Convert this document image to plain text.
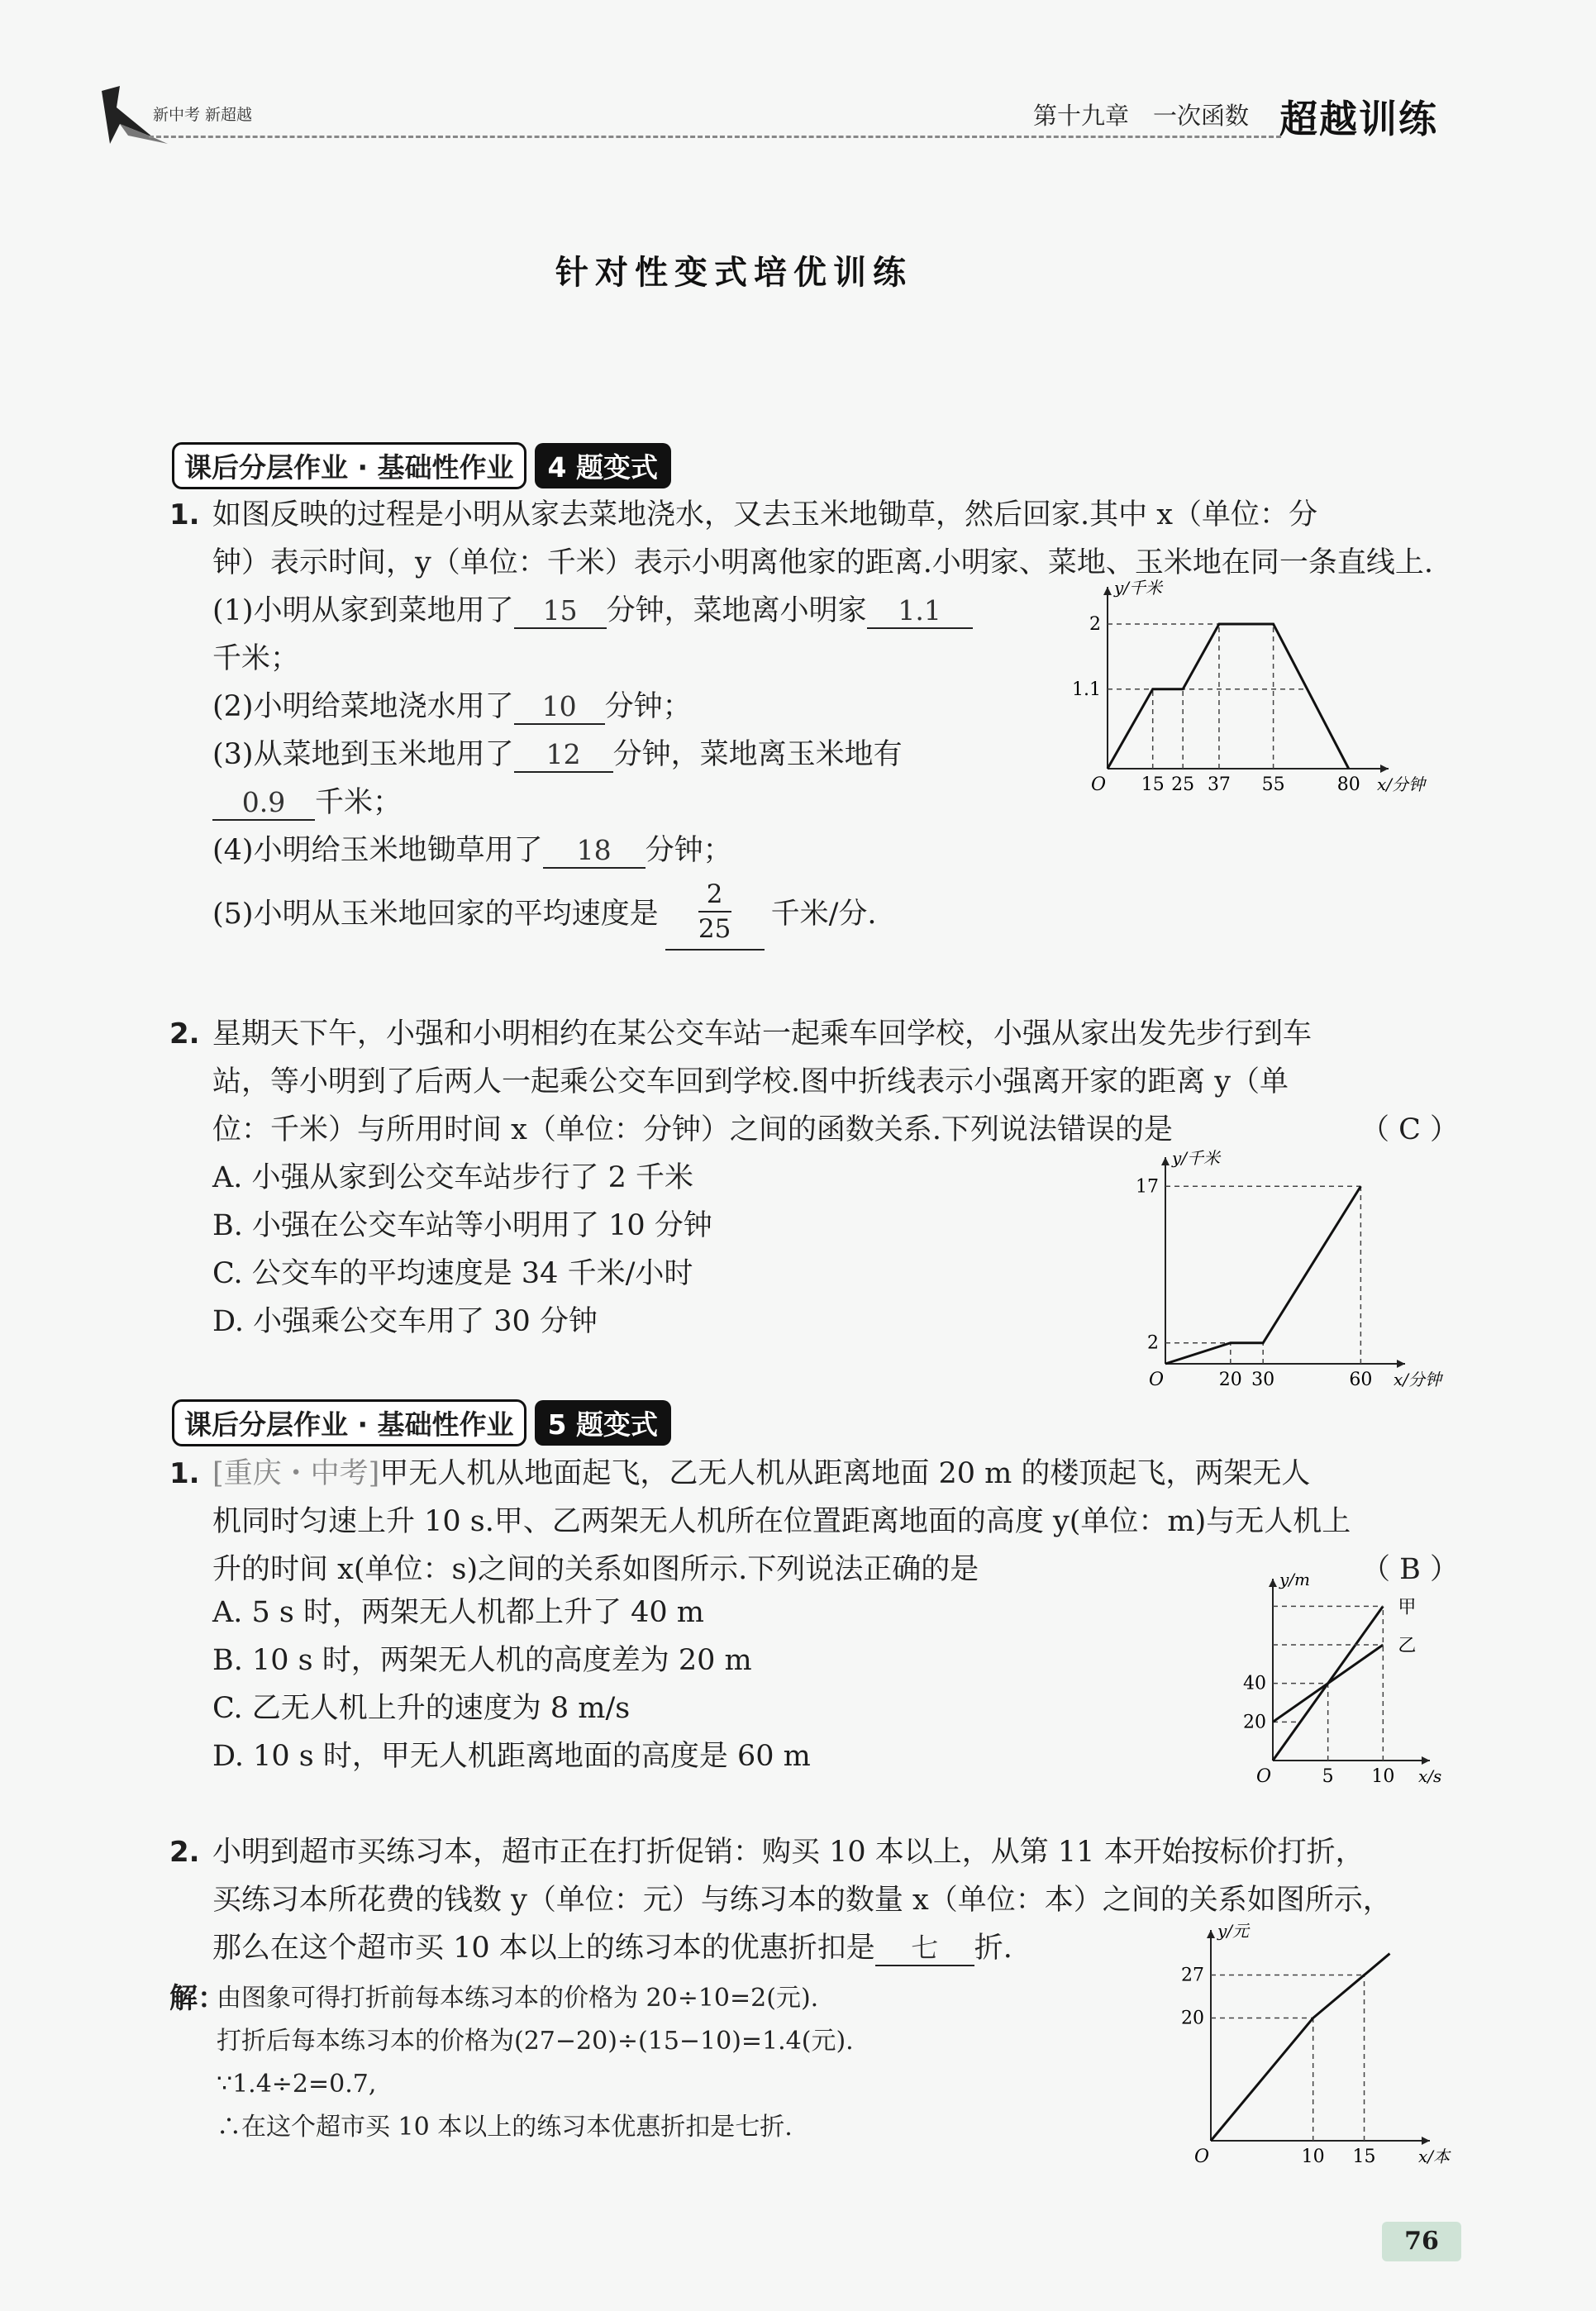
新中考 新超越	第十九章　一次函数 超越训练
针对性变式培优训练
课后分层作业 · 基础性作业	4 题变式
1. 如图反映的过程是小明从家去菜地浇水，又去玉米地锄草，然后回家.其中 x（单位：分
钟）表示时间，y（单位：千米）表示小明离他家的距离.小明家、菜地、玉米地在同一条直线上.
(1)小明从家到菜地用了 15 分钟，菜地离小明家 1.1
千米；
(2)小明给菜地浇水用了 10 分钟；
(3)从菜地到玉米地用了 12 分钟，菜地离玉米地有
0.9 千米；
(4)小明给玉米地锄草用了 18 分钟；
(5)小明从玉米地回家的平均速度是 $\frac{2}{25}$ 千米/分.
y/千米
x/分钟
O 15 25 37 55	80
1.1
2
2. 星期天下午，小强和小明相约在某公交车站一起乘车回学校，小强从家出发先步行到车
站，等小明到了后两人一起乘公交车回到学校.图中折线表示小强离开家的距离 y（单
位：千米）与所用时间 x（单位：分钟）之间的函数关系.下列说法错误的是	（ C ）
A. 小强从家到公交车站步行了 2 千米
B. 小强在公交车站等小明用了 10 分钟
C. 公交车的平均速度是 34 千米/小时
D. 小强乘公交车用了 30 分钟
y/千米
x/分钟
O	20 30	60
2
17
课后分层作业 · 基础性作业	5 题变式
1. [重庆・中考] 甲无人机从地面起飞，乙无人机从距离地面 20 m 的楼顶起飞，两架无人
机同时匀速上升 10 s.甲、乙两架无人机所在位置距离地面的高度 y(单位：m)与无人机上
升的时间 x(单位：s)之间的关系如图所示.下列说法正确的是	（ B ）
A. 5 s 时，两架无人机都上升了 40 m
B. 10 s 时，两架无人机的高度差为 20 m
C. 乙无人机上升的速度为 8 m/s
D. 10 s 时，甲无人机距离地面的高度是 60 m
y/m
x/s
O	5 10
20
40
甲
乙
2. 小明到超市买练习本，超市正在打折促销：购买 10 本以上，从第 11 本开始按标价打折，
买练习本所花费的钱数 y（单位：元）与练习本的数量 x（单位：本）之间的关系如图所示，
那么在这个超市买 10 本以上的练习本的优惠折扣是 七 折.
解：
由图象可得打折前每本练习本的价格为 20÷10=2(元).
打折后每本练习本的价格为(27−20)÷(15−10)=1.4(元).
∵1.4÷2=0.7,
∴在这个超市买 10 本以上的练习本优惠折扣是七折.
y/元
x/本
O	10 15
20
27
76
